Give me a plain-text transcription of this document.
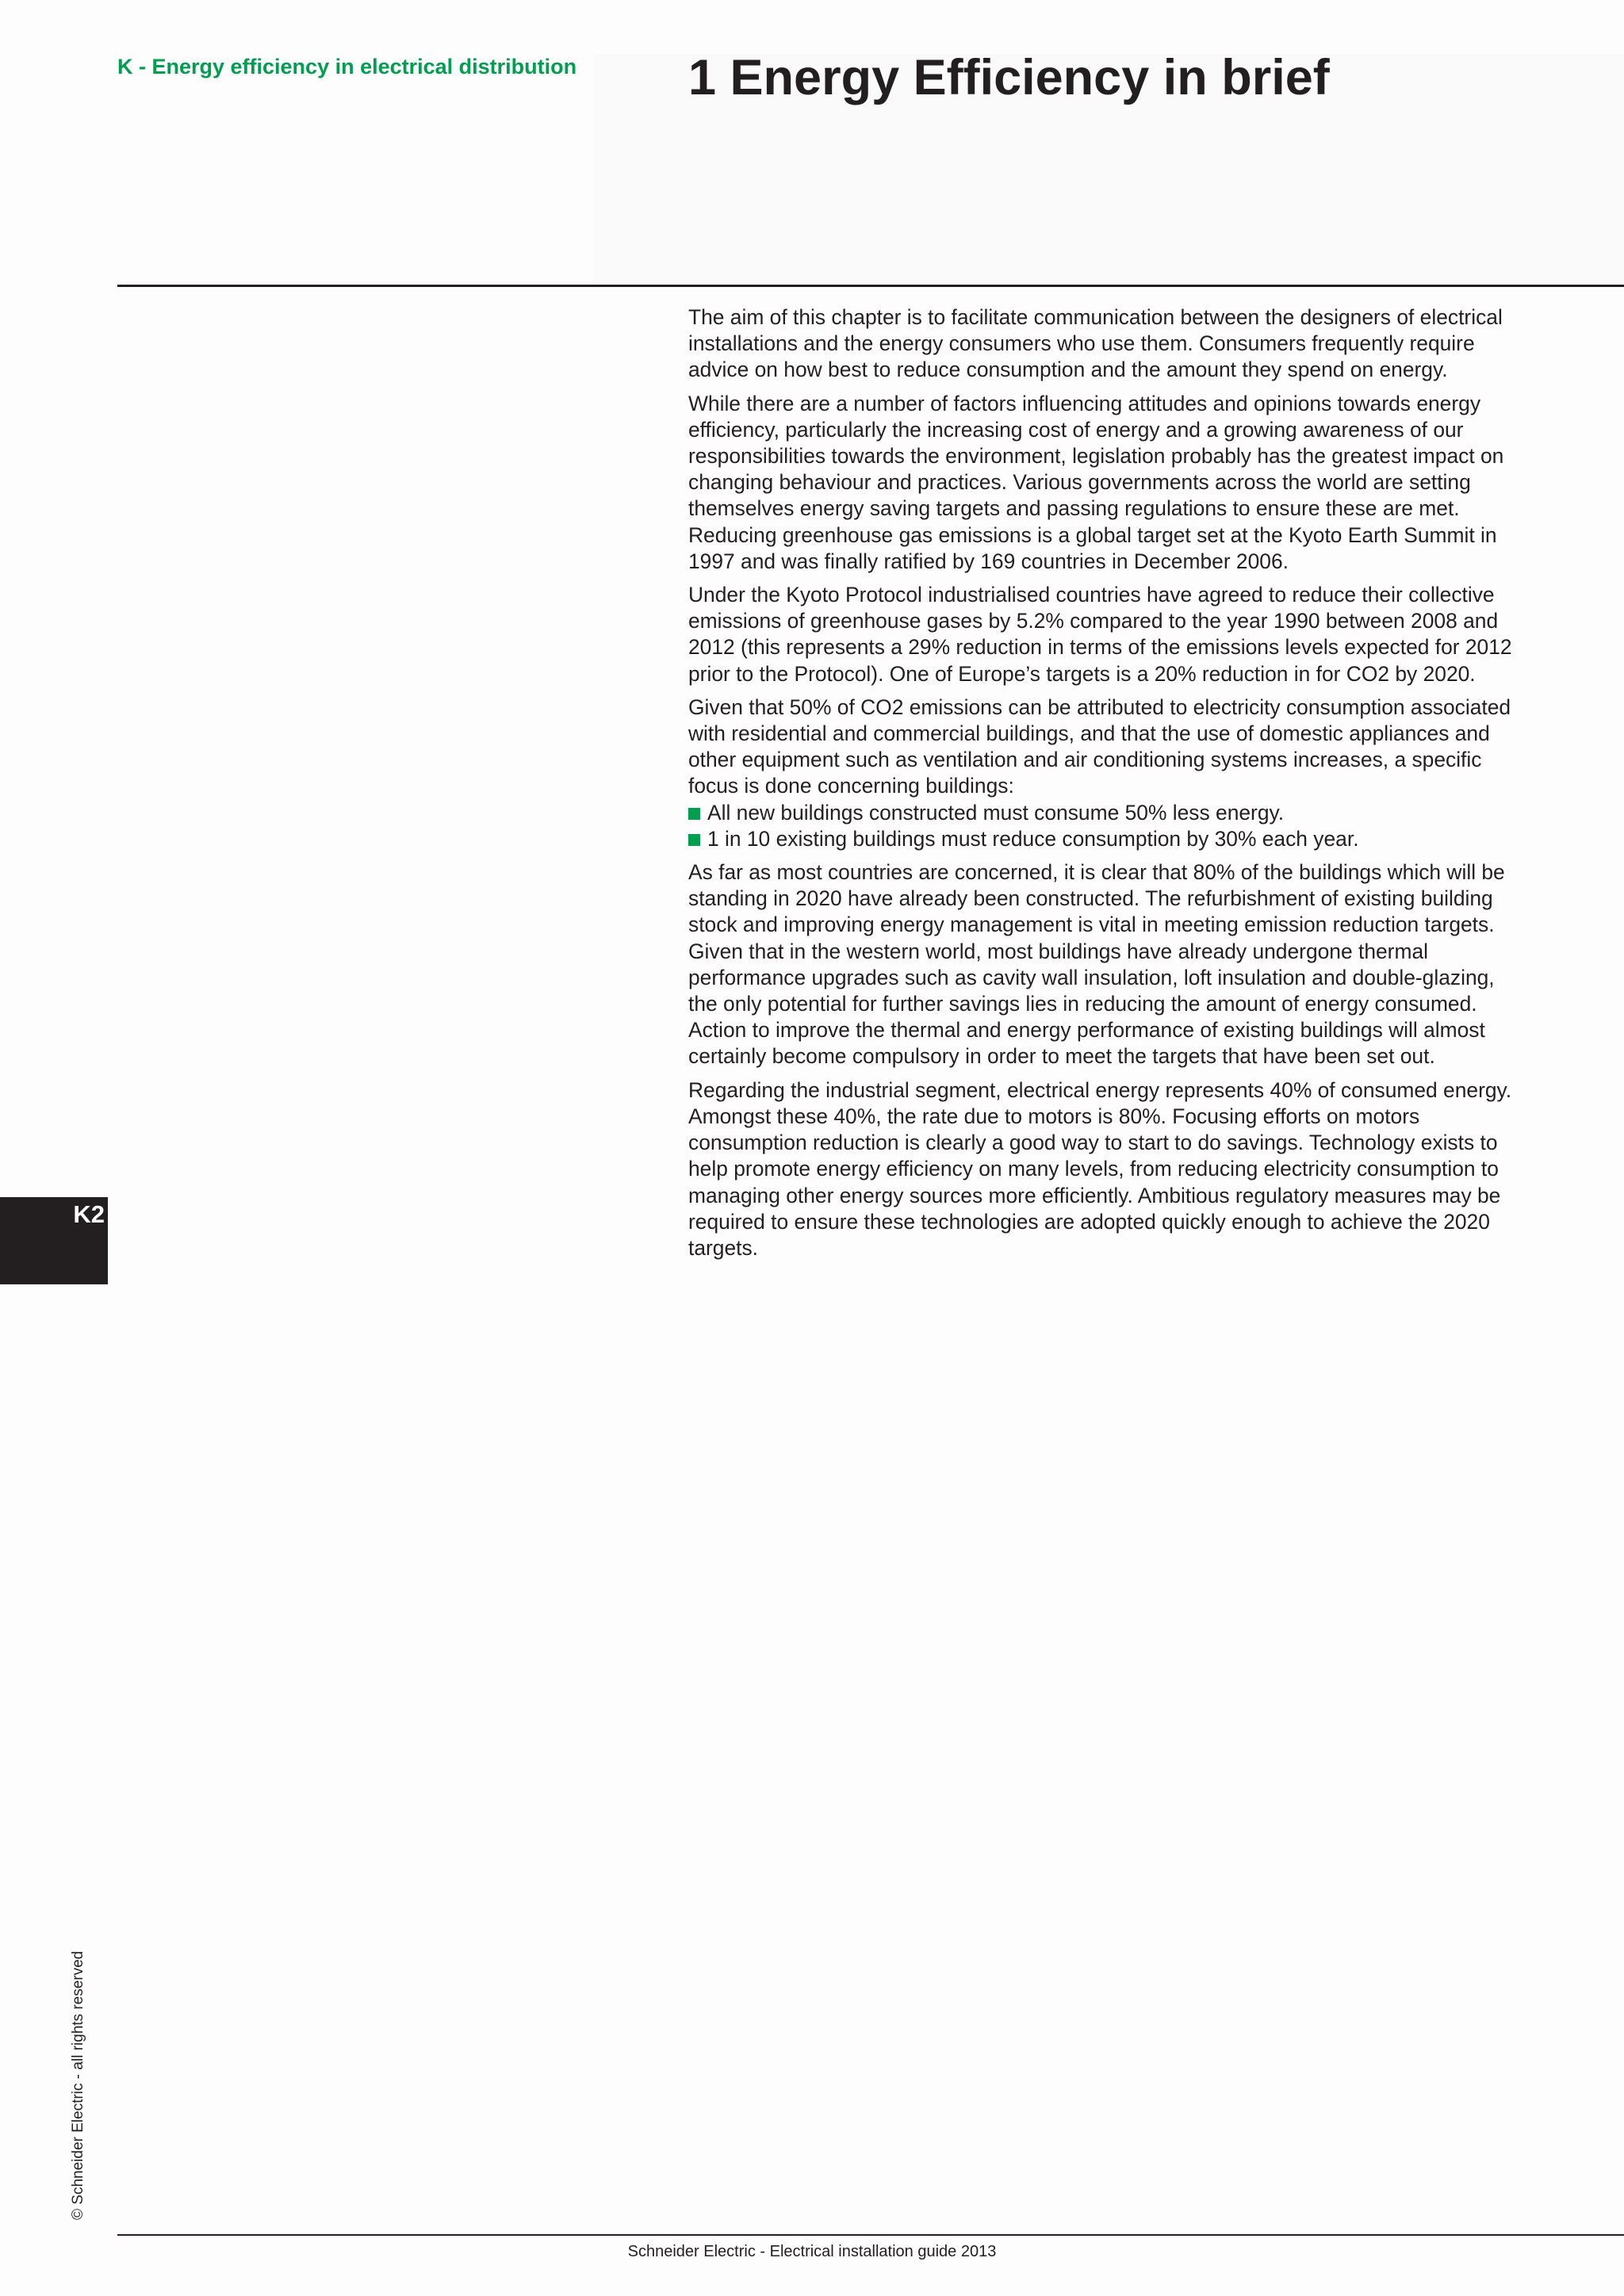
K - Energy efficiency in electrical distribution 1 Energy Efficiency in brief

The aim of this chapter is to facilitate communication between the designers of electrical installations and the energy consumers who use them. Consumers frequently require advice on how best to reduce consumption and the amount they spend on energy.

While there are a number of factors influencing attitudes and opinions towards energy efficiency, particularly the increasing cost of energy and a growing awareness of our responsibilities towards the environment, legislation probably has the greatest impact on changing behaviour and practices. Various governments across the world are setting themselves energy saving targets and passing regulations to ensure these are met. Reducing greenhouse gas emissions is a global target set at the Kyoto Earth Summit in 1997 and was finally ratified by 169 countries in December 2006.

Under the Kyoto Protocol industrialised countries have agreed to reduce their collective emissions of greenhouse gases by 5.2% compared to the year 1990 between 2008 and 2012 (this represents a 29% reduction in terms of the emissions levels expected for 2012 prior to the Protocol). One of Europe’s targets is a 20% reduction in for CO2 by 2020.

Given that 50% of CO2 emissions can be attributed to electricity consumption associated with residential and commercial buildings, and that the use of domestic appliances and other equipment such as ventilation and air conditioning systems increases, a specific focus is done concerning buildings:

All new buildings constructed must consume 50% less energy.
1 in 10 existing buildings must reduce consumption by 30% each year.

As far as most countries are concerned, it is clear that 80% of the buildings which will be standing in 2020 have already been constructed. The refurbishment of existing building stock and improving energy management is vital in meeting emission reduction targets. Given that in the western world, most buildings have already undergone thermal performance upgrades such as cavity wall insulation, loft insulation and double-glazing, the only potential for further savings lies in reducing the amount of energy consumed. Action to improve the thermal and energy performance of existing buildings will almost certainly become compulsory in order to meet the targets that have been set out.

Regarding the industrial segment, electrical energy represents 40% of consumed energy. Amongst these 40%, the rate due to motors is 80%. Focusing efforts on motors consumption reduction is clearly a good way to start to do savings. Technology exists to help promote energy efficiency on many levels, from reducing electricity consumption to managing other energy sources more efficiently. Ambitious regulatory measures may be required to ensure these technologies are adopted quickly enough to achieve the 2020 targets.

K2
© Schneider Electric - all rights reserved
Schneider Electric - Electrical installation guide 2013
